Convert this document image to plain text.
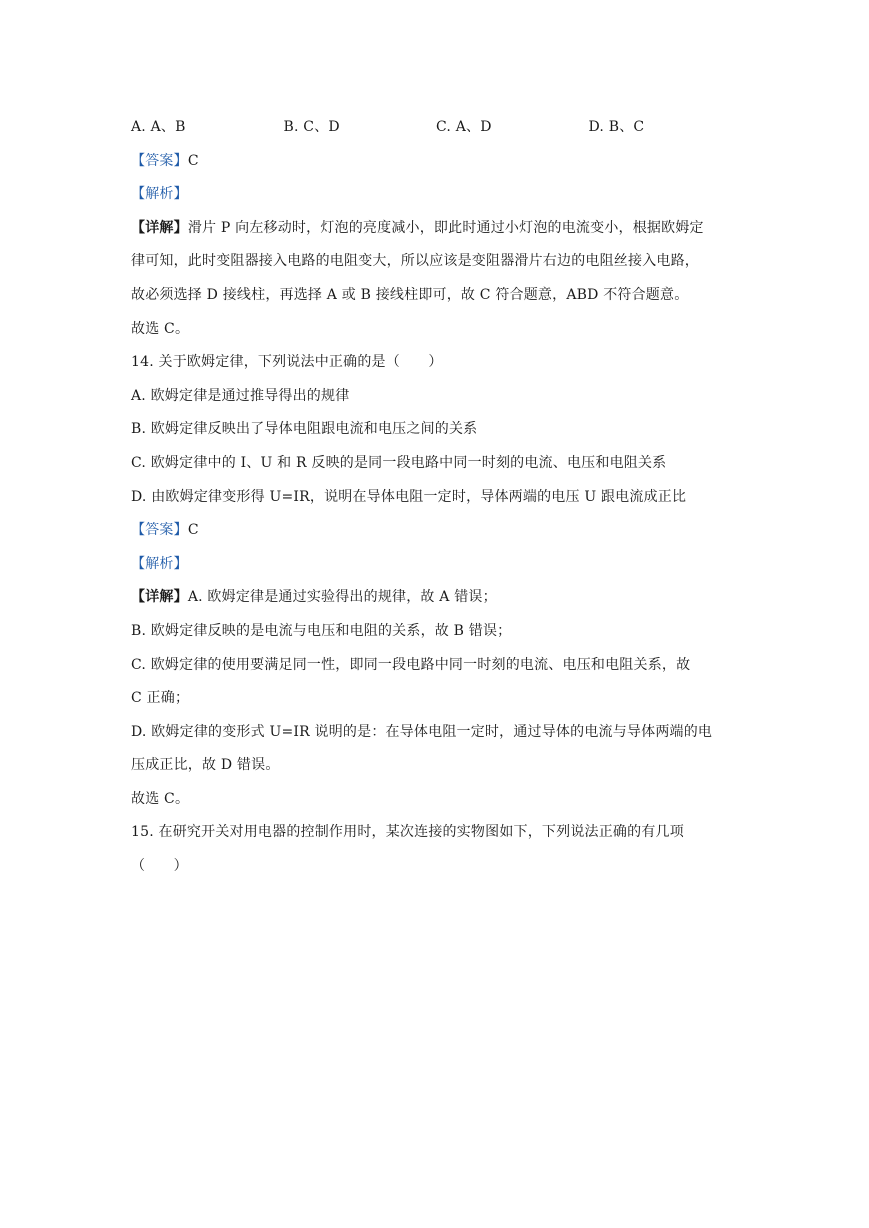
A. A、B	B. C、D	C. A、D	D. B、C
【答案】C
【解析】
【详解】滑片 P 向左移动时，灯泡的亮度减小，即此时通过小灯泡的电流变小，根据欧姆定
律可知，此时变阻器接入电路的电阻变大，所以应该是变阻器滑片右边的电阻丝接入电路，
故必须选择 D 接线柱，再选择 A 或 B 接线柱即可，故 C 符合题意，ABD 不符合题意。
故选 C。
14. 关于欧姆定律，下列说法中正确的是（　　）
A. 欧姆定律是通过推导得出的规律
B. 欧姆定律反映出了导体电阻跟电流和电压之间的关系
C. 欧姆定律中的 I、U 和 R 反映的是同一段电路中同一时刻的电流、电压和电阻关系
D. 由欧姆定律变形得 U=IR，说明在导体电阻一定时，导体两端的电压 U 跟电流成正比
【答案】C
【解析】
【详解】A. 欧姆定律是通过实验得出的规律，故 A 错误；
B. 欧姆定律反映的是电流与电压和电阻的关系，故 B 错误；
C. 欧姆定律的使用要满足同一性，即同一段电路中同一时刻的电流、电压和电阻关系，故
C 正确；
D. 欧姆定律的变形式 U=IR 说明的是：在导体电阻一定时，通过导体的电流与导体两端的电
压成正比，故 D 错误。
故选 C。
15. 在研究开关对用电器的控制作用时，某次连接的实物图如下，下列说法正确的有几项
（　　）
